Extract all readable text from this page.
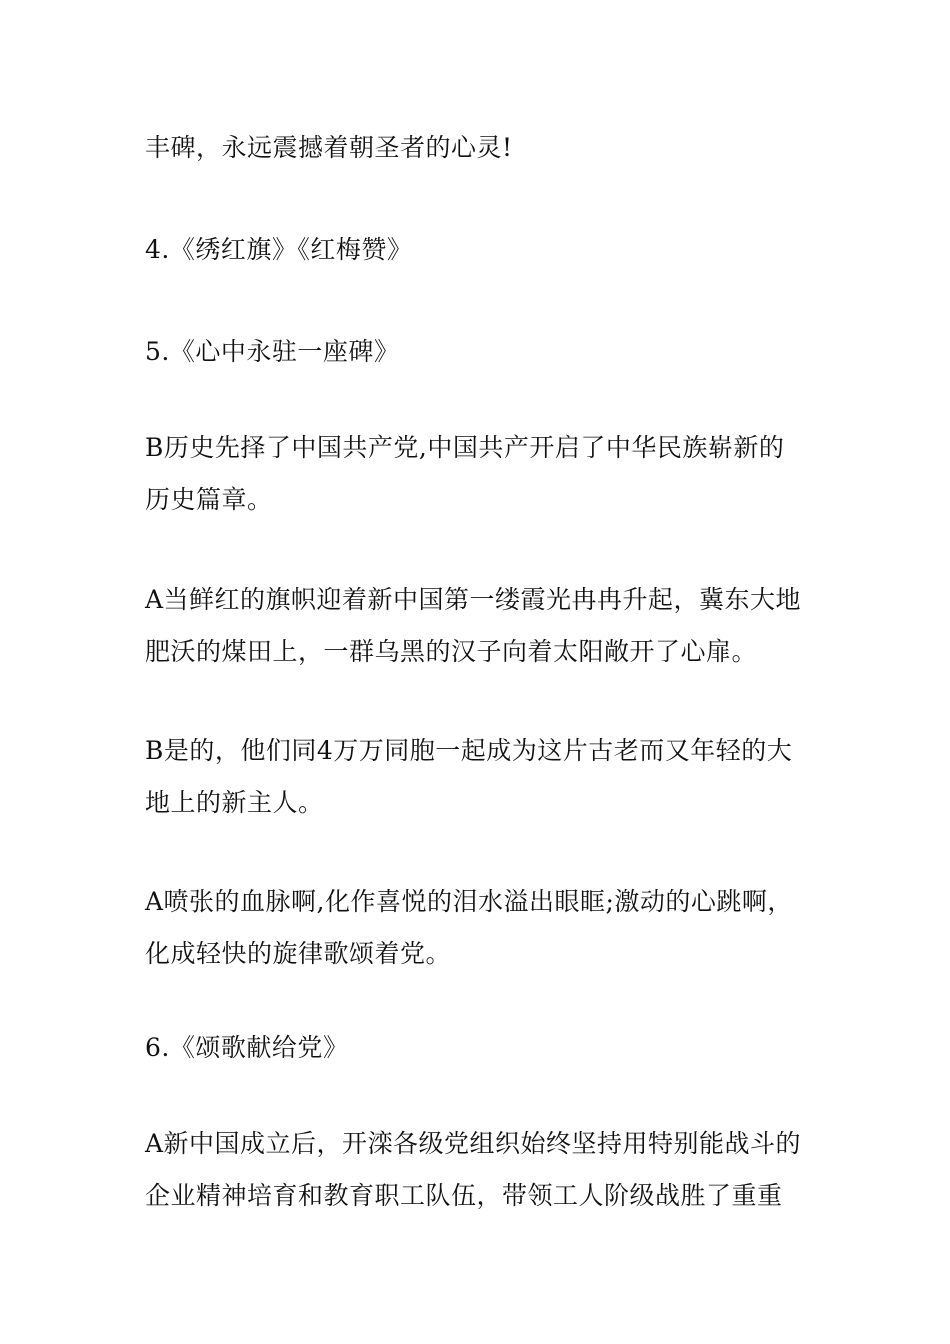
丰碑，永远震撼着朝圣者的心灵!

4.《绣红旗》《红梅赞》

5.《心中永驻一座碑》

B历史先择了中国共产党,中国共产开启了中华民族崭新的
历史篇章。

A当鲜红的旗帜迎着新中国第一缕霞光冉冉升起，冀东大地
肥沃的煤田上，一群乌黑的汉子向着太阳敞开了心扉。

B是的，他们同4万万同胞一起成为这片古老而又年轻的大
地上的新主人。

A喷张的血脉啊,化作喜悦的泪水溢出眼眶;激动的心跳啊，
化成轻快的旋律歌颂着党。

6.《颂歌献给党》

A新中国成立后，开滦各级党组织始终坚持用特别能战斗的
企业精神培育和教育职工队伍，带领工人阶级战胜了重重
